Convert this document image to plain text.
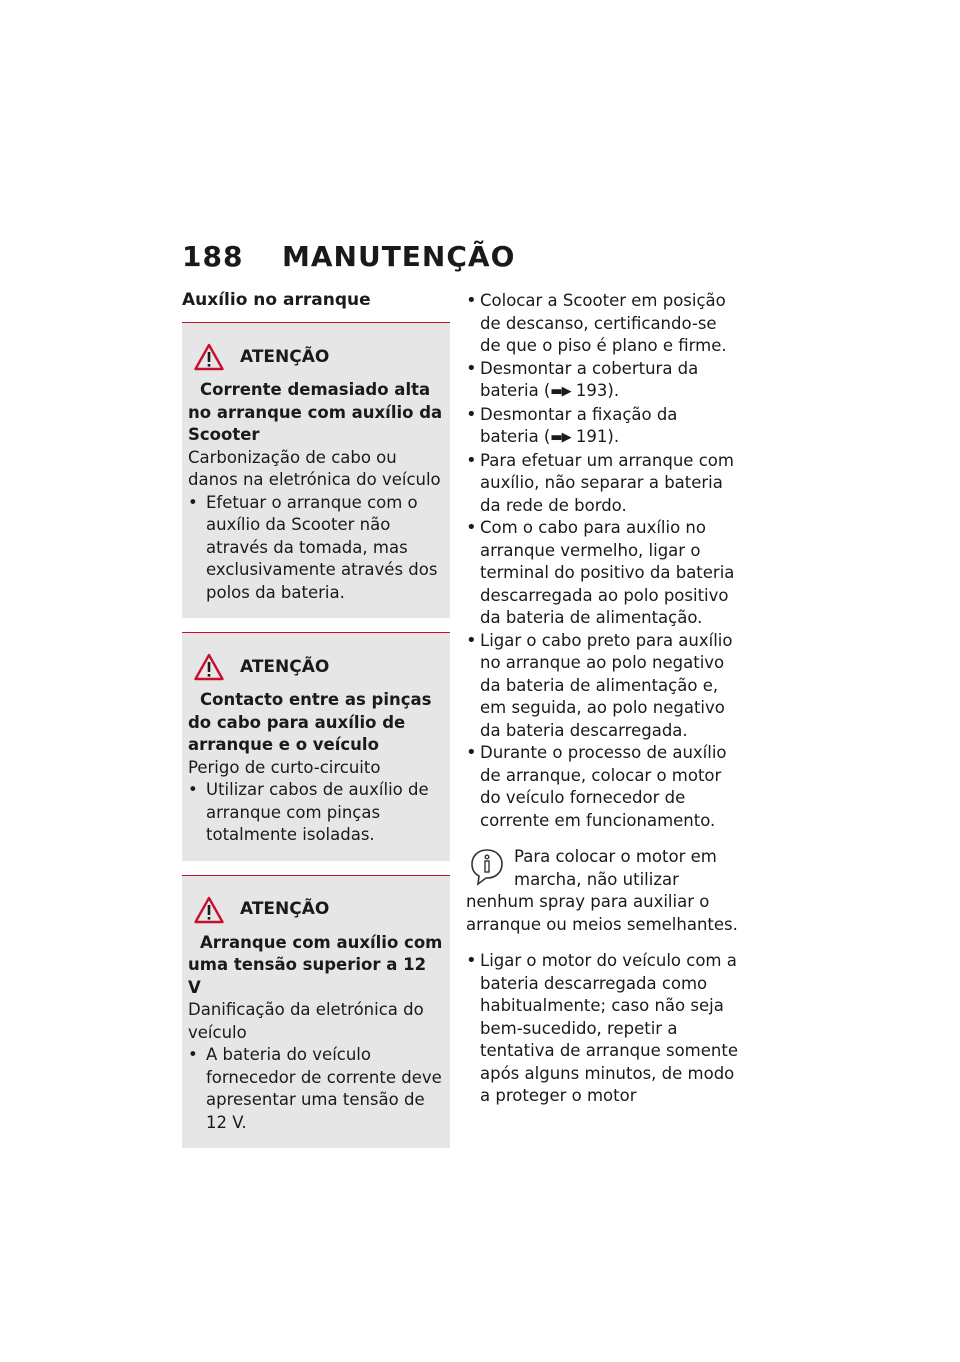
188 MANUTENÇÃO
Auxílio no arranque
ATENÇÃO
Corrente demasiado alta no arranque com auxílio da Scooter

Carbonização de cabo ou danos na eletrónica do veículo

• Efetuar o arranque com o auxílio da Scooter não através da tomada, mas exclusivamente através dos polos da bateria.
ATENÇÃO
Contacto entre as pinças do cabo para auxílio de arranque e o veículo

Perigo de curto-circuito

• Utilizar cabos de auxílio de arranque com pinças totalmente isoladas.
ATENÇÃO
Arranque com auxílio com uma tensão superior a 12 V

Danificação da eletrónica do veículo

• A bateria do veículo fornecedor de corrente deve apresentar uma tensão de 12 V.
• Colocar a Scooter em posição de descanso, certificando-se de que o piso é plano e firme.
• Desmontar a cobertura da bateria (▬▶ 193).
• Desmontar a fixação da bateria (▬▶ 191).
• Para efetuar um arranque com auxílio, não separar a bateria da rede de bordo.
• Com o cabo para auxílio no arranque vermelho, ligar o terminal do positivo da bateria descarregada ao polo positivo da bateria de alimentação.
• Ligar o cabo preto para auxílio no arranque ao polo negativo da bateria de alimentação e, em seguida, ao polo negativo da bateria descarregada.
• Durante o processo de auxílio de arranque, colocar o motor do veículo fornecedor de corrente em funcionamento.

Para colocar o motor em marcha, não utilizar nenhum spray para auxiliar o arranque ou meios semelhantes.

• Ligar o motor do veículo com a bateria descarregada como habitualmente; caso não seja bem-sucedido, repetir a tentativa de arranque somente após alguns minutos, de modo a proteger o motor
